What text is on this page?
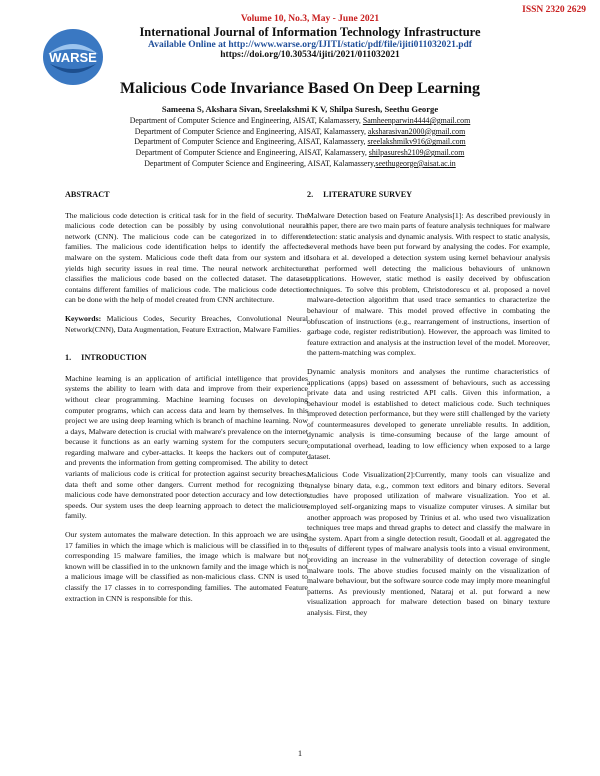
ISSN 2320 2629
WARSE
Volume 10, No.3, May - June 2021
International Journal of Information Technology Infrastructure
Available Online at http://www.warse.org/IJITI/static/pdf/file/ijiti011032021.pdf
https://doi.org/10.30534/ijiti/2021/011032021
Malicious Code Invariance Based On Deep Learning
Sameena S, Akshara Sivan, Sreelakshmi K V, Shilpa Suresh, Seethu George
Department of Computer Science and Engineering, AISAT, Kalamassery, Samheenparwin4444@gmail.com
Department of Computer Science and Engineering, AISAT, Kalamassery, aksharasivan2000@gmail.com
Department of Computer Science and Engineering, AISAT, Kalamassery, sreelakshmikv916@gmail.com
Department of Computer Science and Engineering, AISAT, Kalamassery, shilpasuresh2109@gmail.com
Department of Computer Science and Engineering, AISAT, Kalamassery,seethugeorge@aisat.ac.in
ABSTRACT

The malicious code detection is critical task for in the field of security. The malicious code detection can be possibly by using convolutional neural network (CNN). The malicious code can be categorized in to different families. The malicious code identification helps to identify the affected malware on the system. Malicious code theft data from our system and it yields high security issues in real time. The neural network architecture classifies the malicious code based on the collected dataset. The dataset contains different families of malicious code. The malicious code detection can be done with the help of model created from CNN architecture.

Keywords: Malicious Codes, Security Breaches, Convolutional Neural Network(CNN), Data Augmentation, Feature Extraction, Malware Families.

1. INTRODUCTION

Machine learning is an application of artificial intelligence that provides systems the ability to learn with data and improve from their experience without clear programming. Machine learning focuses on developing computer programs, which can access data and learn by themselves. In this project we are using deep learning which is branch of machine learning. Now a days, Malware detection is crucial with malware's prevalence on the internet because it functions as an early warning system for the computers secure regarding malware and cyber-attacks. It keeps the hackers out of computer and prevents the information from getting compromised. The ability to detect variants of malicious code is critical for protection against security breaches, data theft and some other dangers. Current method for recognizing the malicious code have demonstrated poor detection accuracy and low detection speeds. Our system uses the deep learning approach to detect the malicious family.

Our system automates the malware detection. In this approach we are using 17 families in which the image which is malicious will be classified in to the corresponding 15 malware families, the image which is malware but not known will be classified in to the unknown family and the image which is not a malicious image will be classified as non-malicious class. CNN is used to classify the 17 classes in to corresponding families. The automated Feature extraction in CNN is responsible for this.

2. LITERATURE SURVEY

Malware Detection based on Feature Analysis[1]: As described previously in this paper, there are two main parts of feature analysis techniques for malware detection: static analysis and dynamic analysis. With respect to static analysis, several methods have been put forward by analysing the codes. For example, Isohara et al. developed a detection system using kernel behaviour analysis that performed well detecting the malicious behaviours of unknown applications. However, static method is easily deceived by obfuscation techniques. To solve this problem, Christodorescu et al. proposed a novel malware-detection algorithm that used trace semantics to characterize the behaviour of malware. This model proved effective in combating the obfuscation of instructions (e.g., rearrangement of instructions, insertion of garbage code, register redistribution). However, the approach was limited to feature extraction and analysis at the instruction level of the model. Moreover, the pattern-matching was complex.

Dynamic analysis monitors and analyses the runtime characteristics of applications (apps) based on assessment of behaviours, such as accessing private data and using restricted API calls. Given this information, a behaviour model is established to detect malicious code. Such techniques improved detection performance, but they were still challenged by the variety of countermeasures developed to generate unreliable results. In addition, dynamic analysis is time-consuming because of the large amount of computational overhead, leading to low efficiency when exposed to a large dataset.

Malicious Code Visualization[2]:Currently, many tools can visualize and analyse binary data, e.g., common text editors and binary editors. Several studies have proposed utilization of malware visualization. Yoo et al. employed self-organizing maps to visualize computer viruses. A similar but another approach was proposed by Trinius et al. who used two visualization techniques tree maps and thread graphs to detect and classify the malware in the system. Apart from a single detection result, Goodall et al. aggregated the results of different types of malware analysis tools into a visual environment, providing an increase in the vulnerability of detection coverage of single malware tools. The above studies focused mainly on the visualization of malware behaviour, but the software source code may imply more meaningful patterns. As previously mentioned, Nataraj et al. put forward a new visualization approach for malware detection based on binary texture analysis. First, they

1
